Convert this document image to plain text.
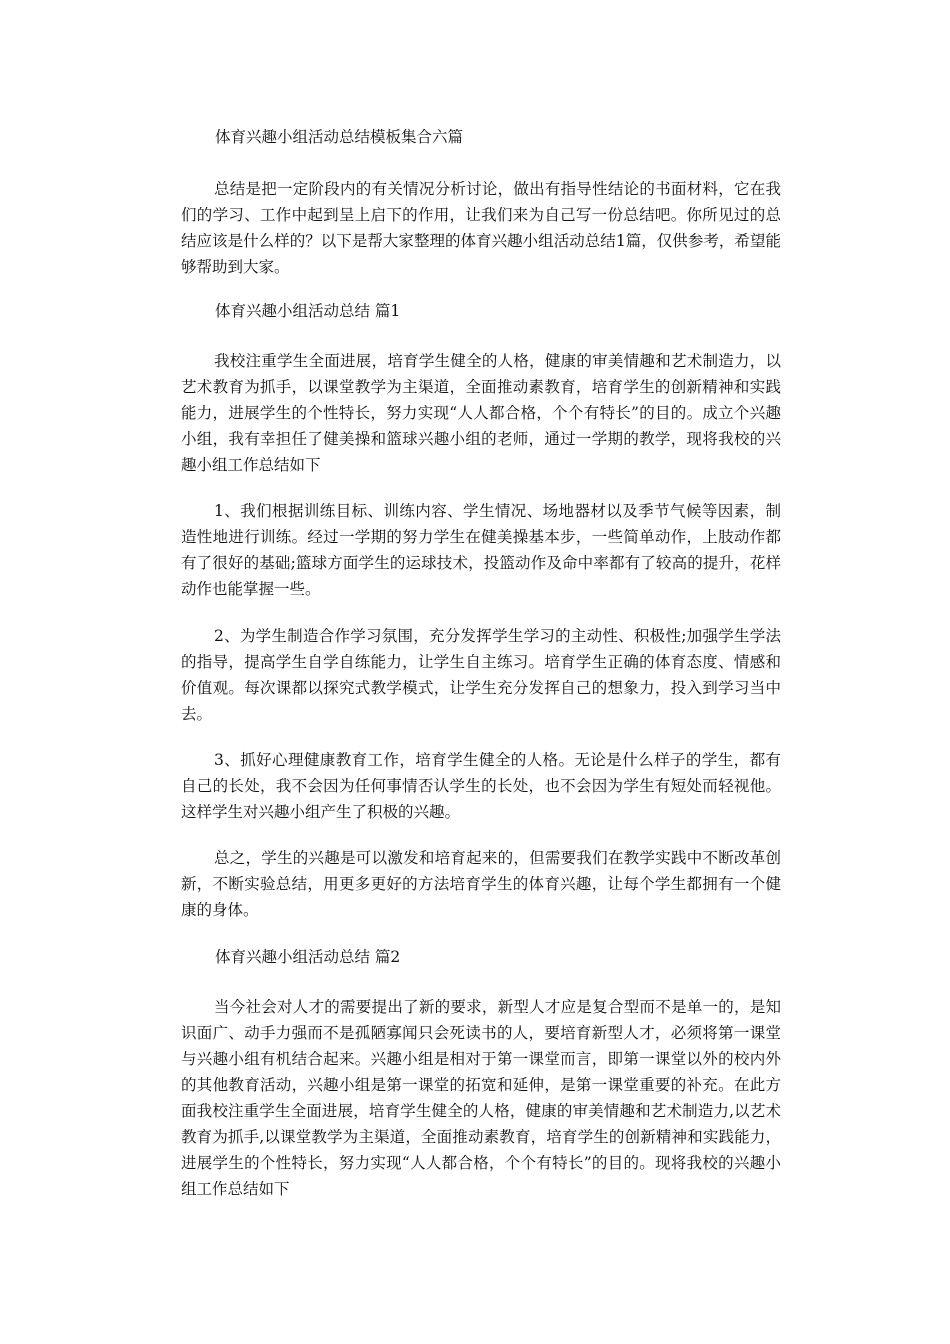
体育兴趣小组活动总结模板集合六篇
总结是把一定阶段内的有关情况分析讨论，做出有指导性结论的书面材料，它在我们的学习、工作中起到呈上启下的作用，让我们来为自己写一份总结吧。你所见过的总结应该是什么样的？以下是帮大家整理的体育兴趣小组活动总结1篇，仅供参考，希望能够帮助到大家。
体育兴趣小组活动总结 篇1
我校注重学生全面进展，培育学生健全的人格，健康的审美情趣和艺术制造力，以艺术教育为抓手，以课堂教学为主渠道，全面推动素教育，培育学生的创新精神和实践能力，进展学生的个性特长，努力实现“人人都合格，个个有特长”的目的。成立个兴趣小组，我有幸担任了健美操和篮球兴趣小组的老师，通过一学期的教学，现将我校的兴趣小组工作总结如下
1、我们根据训练目标、训练内容、学生情况、场地器材以及季节气候等因素，制造性地进行训练。经过一学期的努力学生在健美操基本步，一些简单动作，上肢动作都有了很好的基础;篮球方面学生的运球技术，投篮动作及命中率都有了较高的提升，花样动作也能掌握一些。
2、为学生制造合作学习氛围，充分发挥学生学习的主动性、积极性;加强学生学法的指导，提高学生自学自练能力，让学生自主练习。培育学生正确的体育态度、情感和价值观。每次课都以探究式教学模式，让学生充分发挥自己的想象力，投入到学习当中去。
3、抓好心理健康教育工作，培育学生健全的人格。无论是什么样子的学生，都有自己的长处，我不会因为任何事情否认学生的长处，也不会因为学生有短处而轻视他。这样学生对兴趣小组产生了积极的兴趣。
总之，学生的兴趣是可以激发和培育起来的，但需要我们在教学实践中不断改革创新，不断实验总结，用更多更好的方法培育学生的体育兴趣，让每个学生都拥有一个健康的身体。
体育兴趣小组活动总结 篇2
当今社会对人才的需要提出了新的要求，新型人才应是复合型而不是单一的，是知识面广、动手力强而不是孤陋寡闻只会死读书的人，要培育新型人才，必须将第一课堂与兴趣小组有机结合起来。兴趣小组是相对于第一课堂而言，即第一课堂以外的校内外的其他教育活动，兴趣小组是第一课堂的拓宽和延伸，是第一课堂重要的补充。在此方面我校注重学生全面进展，培育学生健全的人格，健康的审美情趣和艺术制造力,以艺术教育为抓手,以课堂教学为主渠道，全面推动素教育，培育学生的创新精神和实践能力，进展学生的个性特长，努力实现“人人都合格，个个有特长”的目的。现将我校的兴趣小组工作总结如下
